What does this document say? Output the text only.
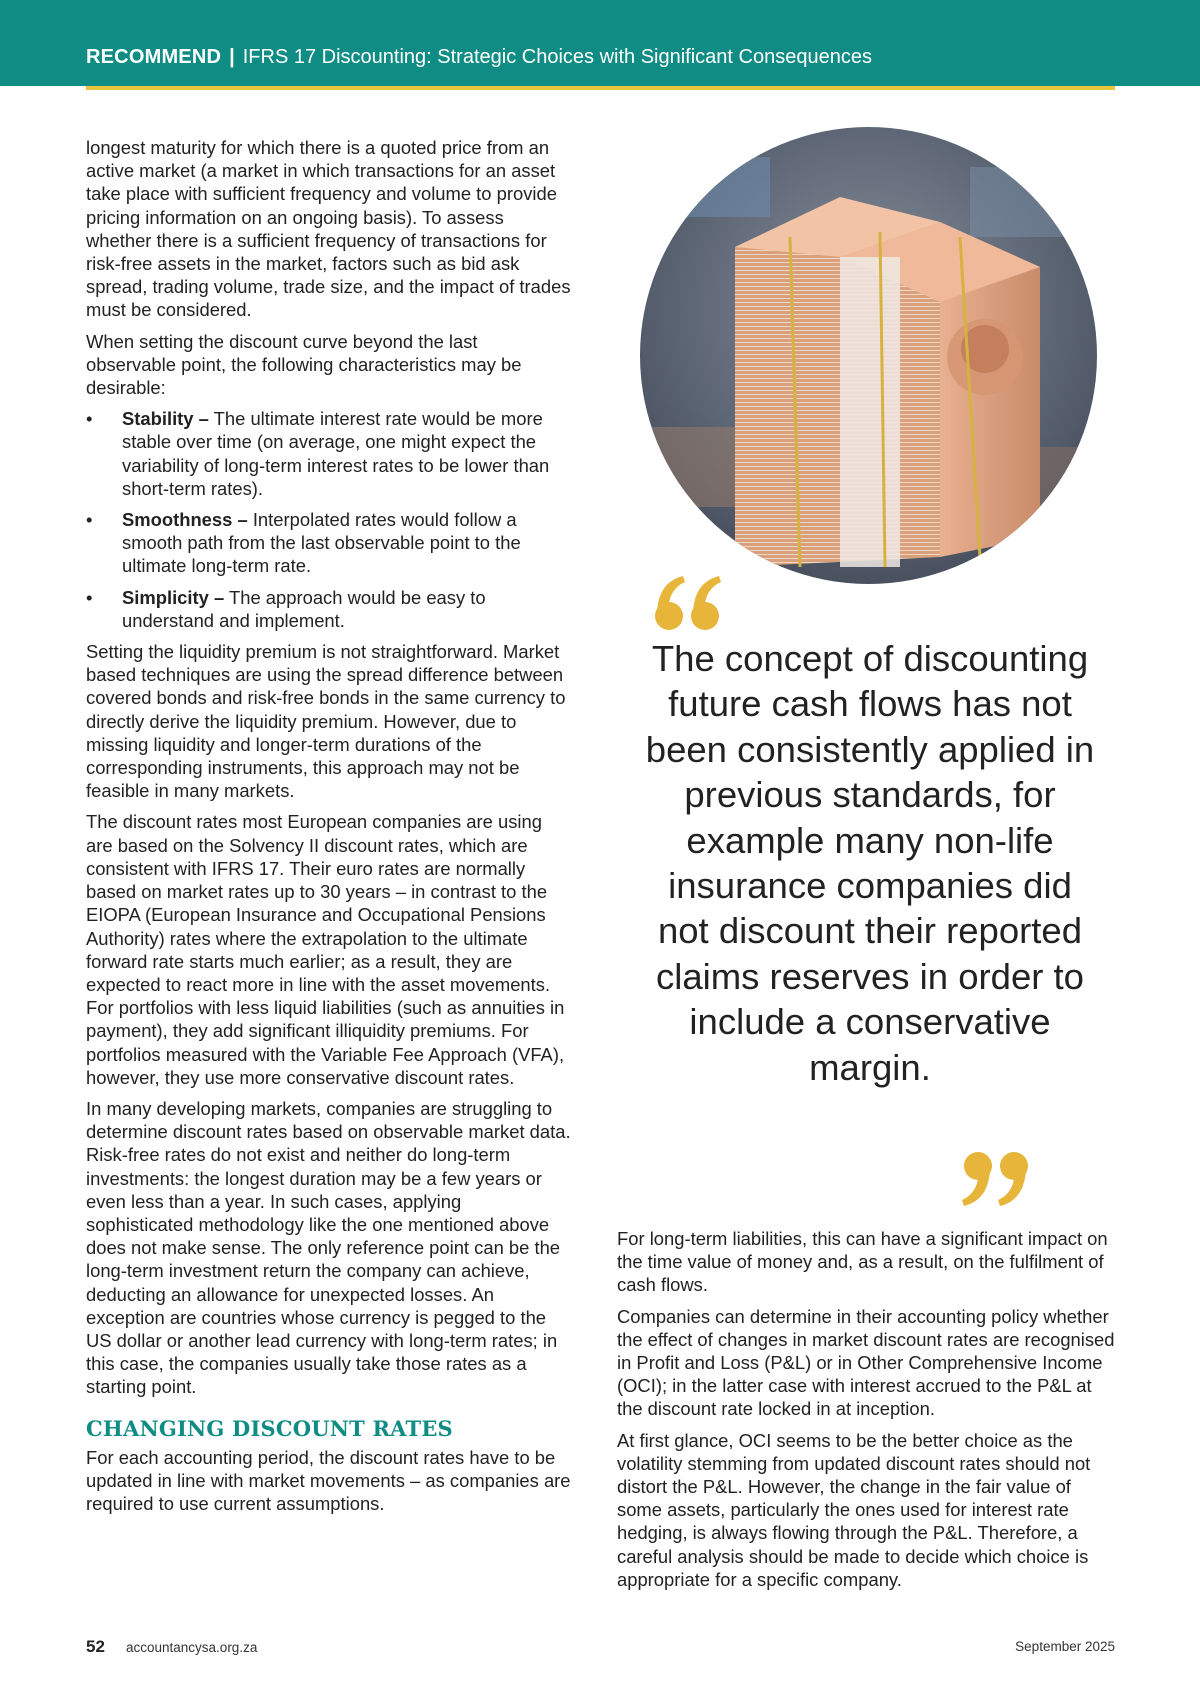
RECOMMEND | IFRS 17 Discounting: Strategic Choices with Significant Consequences

longest maturity for which there is a quoted price from an active market (a market in which transactions for an asset take place with sufficient frequency and volume to provide pricing information on an ongoing basis). To assess whether there is a sufficient frequency of transactions for risk-free assets in the market, factors such as bid ask spread, trading volume, trade size, and the impact of trades must be considered.

When setting the discount curve beyond the last observable point, the following characteristics may be desirable:

• Stability – The ultimate interest rate would be more stable over time (on average, one might expect the variability of long-term interest rates to be lower than short-term rates).
• Smoothness – Interpolated rates would follow a smooth path from the last observable point to the ultimate long-term rate.
• Simplicity – The approach would be easy to understand and implement.

Setting the liquidity premium is not straightforward. Market based techniques are using the spread difference between covered bonds and risk-free bonds in the same currency to directly derive the liquidity premium. However, due to missing liquidity and longer-term durations of the corresponding instruments, this approach may not be feasible in many markets.

The discount rates most European companies are using are based on the Solvency II discount rates, which are consistent with IFRS 17. Their euro rates are normally based on market rates up to 30 years – in contrast to the EIOPA (European Insurance and Occupational Pensions Authority) rates where the extrapolation to the ultimate forward rate starts much earlier; as a result, they are expected to react more in line with the asset movements. For portfolios with less liquid liabilities (such as annuities in payment), they add significant illiquidity premiums. For portfolios measured with the Variable Fee Approach (VFA), however, they use more conservative discount rates.

In many developing markets, companies are struggling to determine discount rates based on observable market data. Risk-free rates do not exist and neither do long-term investments: the longest duration may be a few years or even less than a year. In such cases, applying sophisticated methodology like the one mentioned above does not make sense. The only reference point can be the long-term investment return the company can achieve, deducting an allowance for unexpected losses. An exception are countries whose currency is pegged to the US dollar or another lead currency with long-term rates; in this case, the companies usually take those rates as a starting point.

CHANGING DISCOUNT RATES

For each accounting period, the discount rates have to be updated in line with market movements – as companies are required to use current assumptions.

The concept of discounting future cash flows has not been consistently applied in previous standards, for example many non-life insurance companies did not discount their reported claims reserves in order to include a conservative margin.

For long-term liabilities, this can have a significant impact on the time value of money and, as a result, on the fulfilment of cash flows.

Companies can determine in their accounting policy whether the effect of changes in market discount rates are recognised in Profit and Loss (P&L) or in Other Comprehensive Income (OCI); in the latter case with interest accrued to the P&L at the discount rate locked in at inception.

At first glance, OCI seems to be the better choice as the volatility stemming from updated discount rates should not distort the P&L. However, the change in the fair value of some assets, particularly the ones used for interest rate hedging, is always flowing through the P&L. Therefore, a careful analysis should be made to decide which choice is appropriate for a specific company.

52 accountancysa.org.za	September 2025
